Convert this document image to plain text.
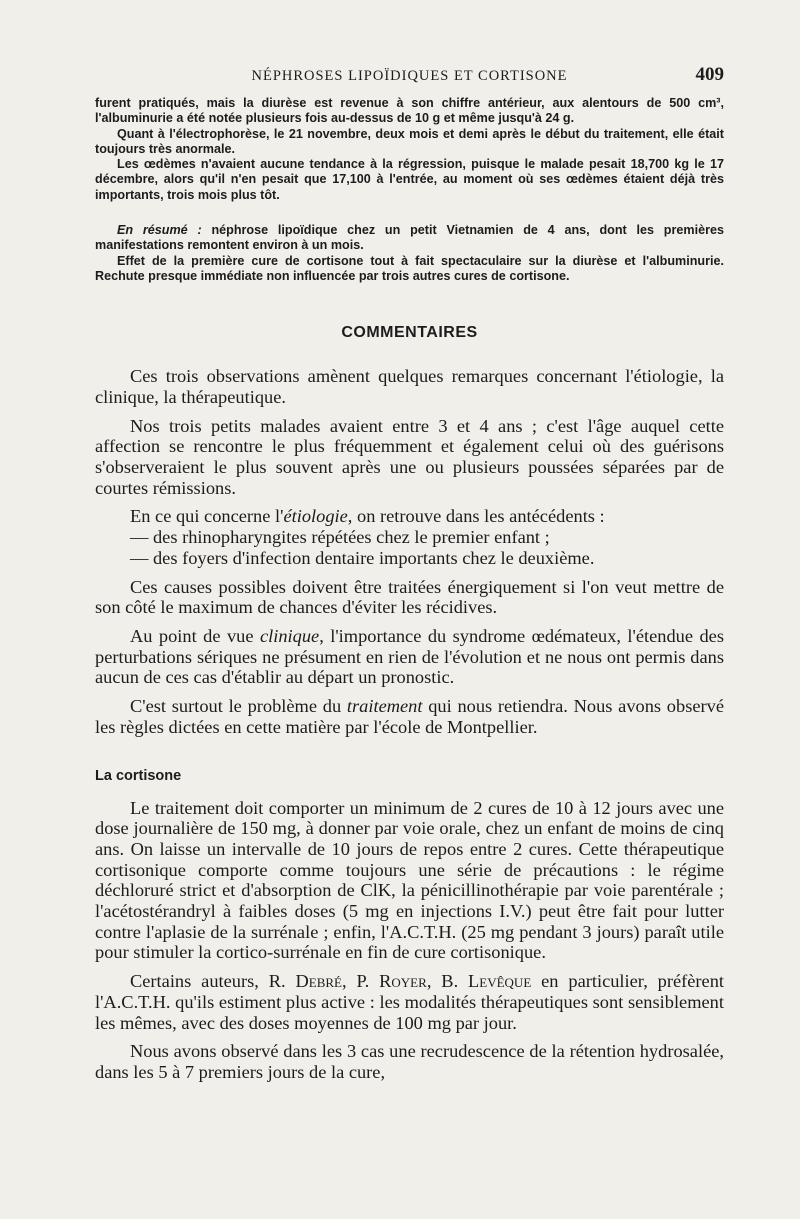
NÉPHROSES LIPOÏDIQUES ET CORTISONE	409

furent pratiqués, mais la diurèse est revenue à son chiffre antérieur, aux alentours de 500 cm³, l'albuminurie a été notée plusieurs fois au-dessus de 10 g et même jusqu'à 24 g.

Quant à l'électrophorèse, le 21 novembre, deux mois et demi après le début du traitement, elle était toujours très anormale.

Les œdèmes n'avaient aucune tendance à la régression, puisque le malade pesait 18,700 kg le 17 décembre, alors qu'il n'en pesait que 17,100 à l'entrée, au moment où ses œdèmes étaient déjà très importants, trois mois plus tôt.

En résumé : néphrose lipoïdique chez un petit Vietnamien de 4 ans, dont les premières manifestations remontent environ à un mois.

Effet de la première cure de cortisone tout à fait spectaculaire sur la diurèse et l'albuminurie. Rechute presque immédiate non influencée par trois autres cures de cortisone.

COMMENTAIRES

Ces trois observations amènent quelques remarques concernant l'étiologie, la clinique, la thérapeutique.

Nos trois petits malades avaient entre 3 et 4 ans ; c'est l'âge auquel cette affection se rencontre le plus fréquemment et également celui où des guérisons s'observeraient le plus souvent après une ou plusieurs poussées séparées par de courtes rémissions.

En ce qui concerne l'étiologie, on retrouve dans les antécédents :

— des rhinopharyngites répétées chez le premier enfant ;

— des foyers d'infection dentaire importants chez le deuxième.

Ces causes possibles doivent être traitées énergiquement si l'on veut mettre de son côté le maximum de chances d'éviter les récidives.

Au point de vue clinique, l'importance du syndrome œdémateux, l'étendue des perturbations sériques ne présument en rien de l'évolution et ne nous ont permis dans aucun de ces cas d'établir au départ un pronostic.

C'est surtout le problème du traitement qui nous retiendra. Nous avons observé les règles dictées en cette matière par l'école de Montpellier.

La cortisone

Le traitement doit comporter un minimum de 2 cures de 10 à 12 jours avec une dose journalière de 150 mg, à donner par voie orale, chez un enfant de moins de cinq ans. On laisse un intervalle de 10 jours de repos entre 2 cures. Cette thérapeutique cortisonique comporte comme toujours une série de précautions : le régime déchloruré strict et d'absorption de ClK, la pénicillinothérapie par voie parentérale ; l'acétostérandryl à faibles doses (5 mg en injections I.V.) peut être fait pour lutter contre l'aplasie de la surrénale ; enfin, l'A.C.T.H. (25 mg pendant 3 jours) paraît utile pour stimuler la cortico-surrénale en fin de cure cortisonique.

Certains auteurs, R. Debré, P. Royer, B. Levêque en particulier, préfèrent l'A.C.T.H. qu'ils estiment plus active : les modalités thérapeutiques sont sensiblement les mêmes, avec des doses moyennes de 100 mg par jour.

Nous avons observé dans les 3 cas une recrudescence de la rétention hydrosalée, dans les 5 à 7 premiers jours de la cure,
